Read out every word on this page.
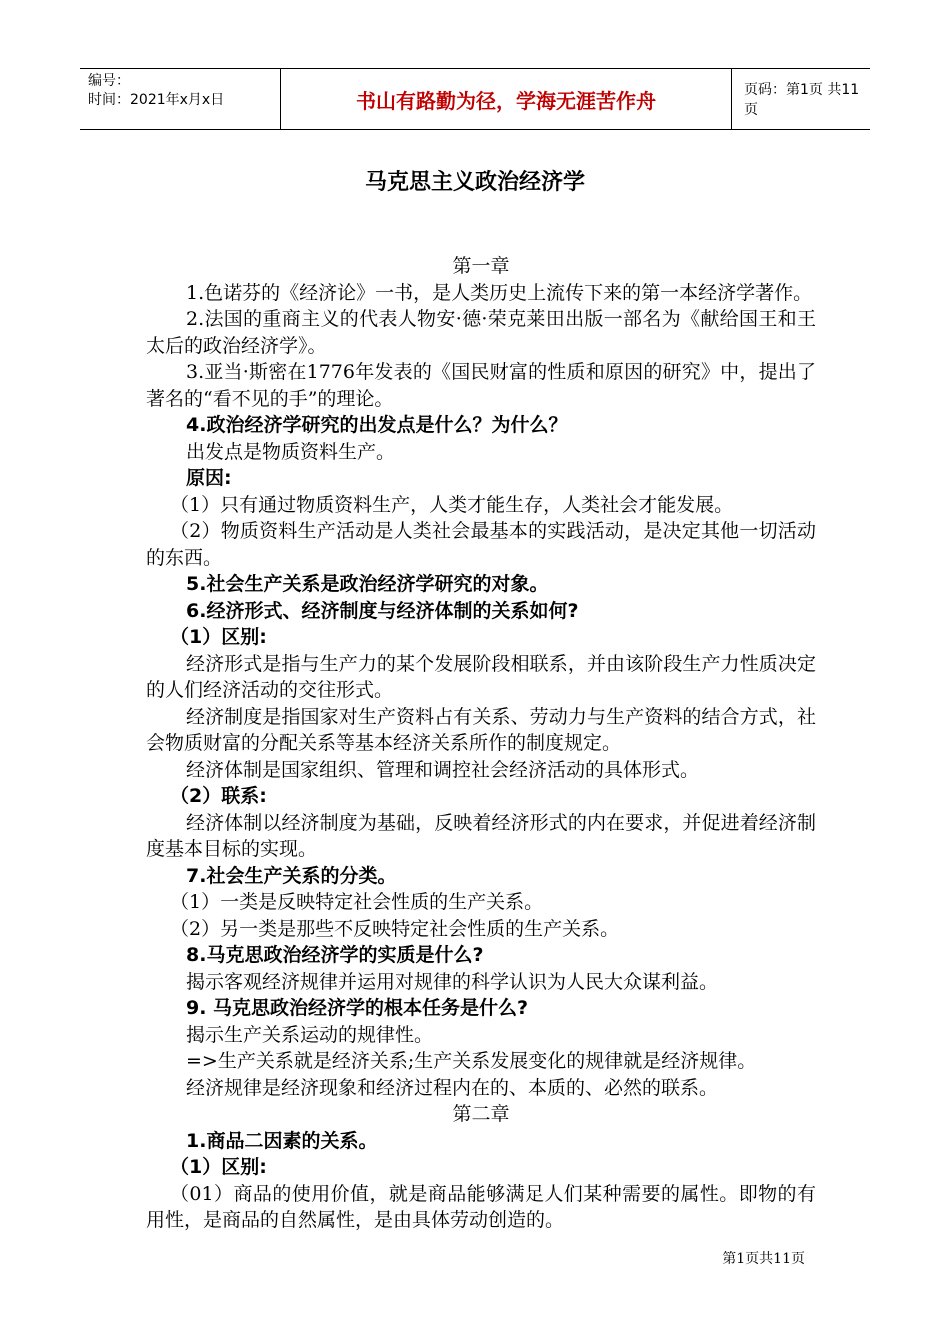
编号：
时间：2021年x月x日	书山有路勤为径，学海无涯苦作舟	页码：第1页 共11页
马克思主义政治经济学

第一章

1.色诺芬的《经济论》一书，是人类历史上流传下来的第一本经济学著作。

2.法国的重商主义的代表人物安·德·荣克莱田出版一部名为《献给国王和王太后的政治经济学》。

3.亚当·斯密在1776年发表的《国民财富的性质和原因的研究》中，提出了著名的“看不见的手”的理论。

4.政治经济学研究的出发点是什么？为什么？

出发点是物质资料生产。

原因:

（1）只有通过物质资料生产，人类才能生存，人类社会才能发展。

（2）物质资料生产活动是人类社会最基本的实践活动，是决定其他一切活动的东西。

5.社会生产关系是政治经济学研究的对象。

6.经济形式、经济制度与经济体制的关系如何?

（1）区别:

经济形式是指与生产力的某个发展阶段相联系，并由该阶段生产力性质决定的人们经济活动的交往形式。

经济制度是指国家对生产资料占有关系、劳动力与生产资料的结合方式，社会物质财富的分配关系等基本经济关系所作的制度规定。

经济体制是国家组织、管理和调控社会经济活动的具体形式。

（2）联系:

经济体制以经济制度为基础，反映着经济形式的内在要求，并促进着经济制度基本目标的实现。

7.社会生产关系的分类。

（1）一类是反映特定社会性质的生产关系。

（2）另一类是那些不反映特定社会性质的生产关系。

8.马克思政治经济学的实质是什么?

揭示客观经济规律并运用对规律的科学认识为人民大众谋利益。

9. 马克思政治经济学的根本任务是什么?

揭示生产关系运动的规律性。

=>生产关系就是经济关系;生产关系发展变化的规律就是经济规律。

经济规律是经济现象和经济过程内在的、本质的、必然的联系。

第二章

1.商品二因素的关系。

（1）区别:

（01）商品的使用价值，就是商品能够满足人们某种需要的属性。即物的有用性，是商品的自然属性，是由具体劳动创造的。

第1页共11页
